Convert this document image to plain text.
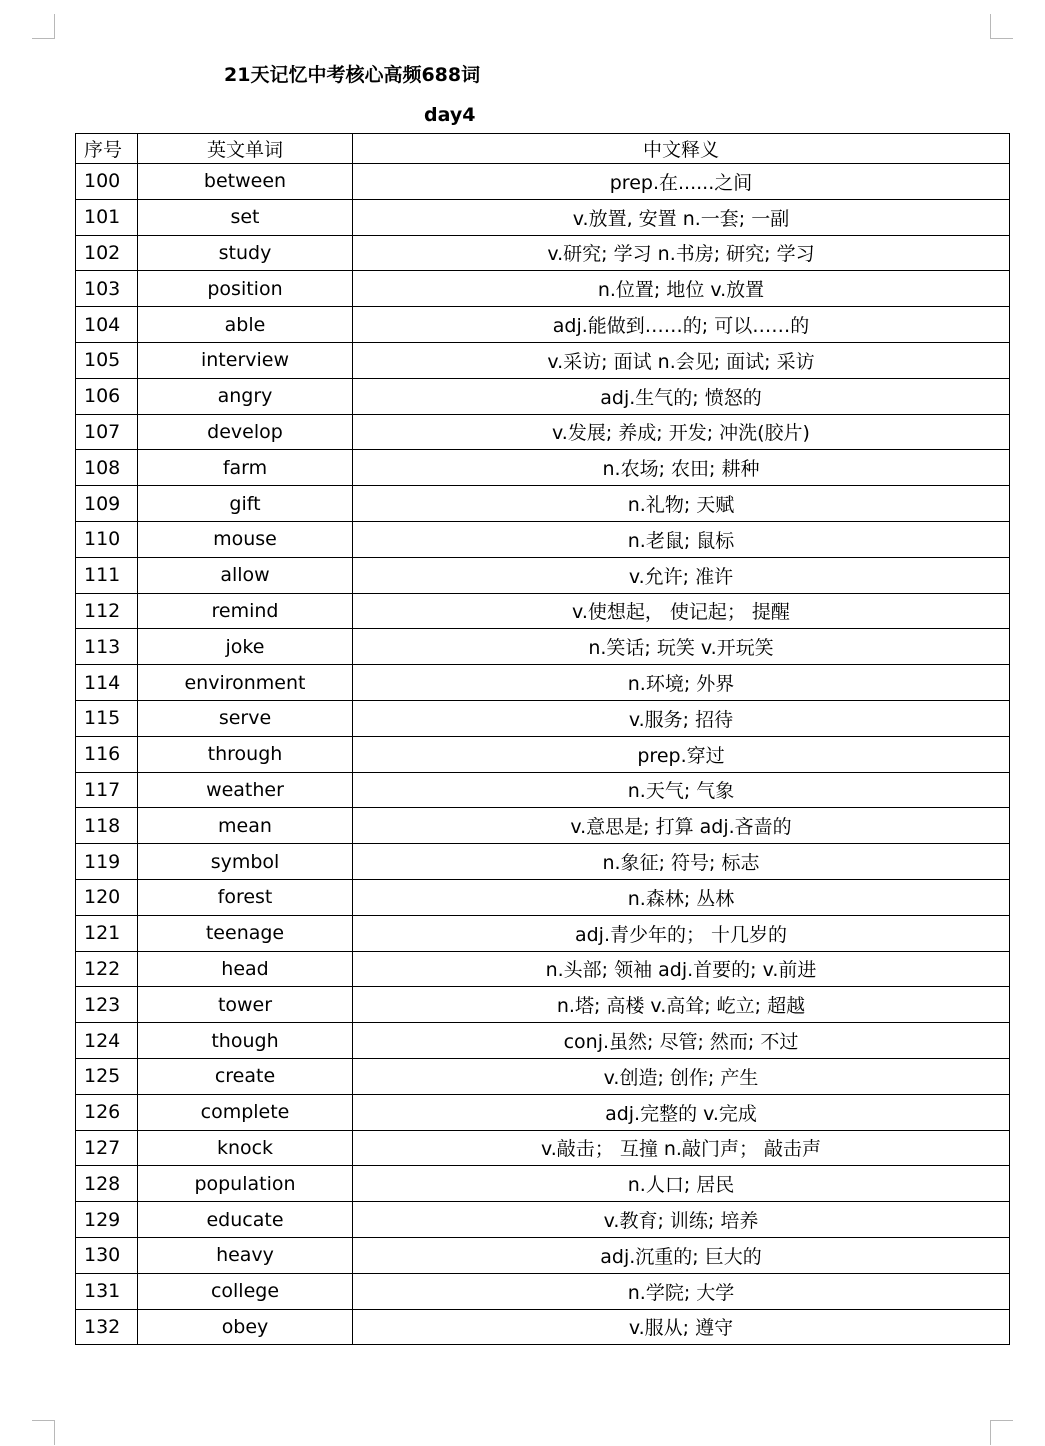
21天记忆中考核心高频688词
day4
序号	英文单词	中文释义
100	between	prep.在......之间
101	set	v.放置, 安置 n.一套; 一副
102	study	v.研究; 学习 n.书房; 研究; 学习
103	position	n.位置; 地位 v.放置
104	able	adj.能做到……的; 可以……的
105	interview	v.采访; 面试 n.会见; 面试; 采访
106	angry	adj.生气的; 愤怒的
107	develop	v.发展; 养成; 开发; 冲洗(胶片)
108	farm	n.农场; 农田; 耕种
109	gift	n.礼物; 天赋
110	mouse	n.老鼠; 鼠标
111	allow	v.允许; 准许
112	remind	v.使想起， 使记起； 提醒
113	joke	n.笑话; 玩笑 v.开玩笑
114	environment	n.环境; 外界
115	serve	v.服务; 招待
116	through	prep.穿过
117	weather	n.天气; 气象
118	mean	v.意思是; 打算 adj.吝啬的
119	symbol	n.象征; 符号; 标志
120	forest	n.森林; 丛林
121	teenage	adj.青少年的； 十几岁的
122	head	n.头部; 领袖 adj.首要的; v.前进
123	tower	n.塔; 高楼 v.高耸; 屹立; 超越
124	though	conj.虽然; 尽管; 然而; 不过
125	create	v.创造; 创作; 产生
126	complete	adj.完整的 v.完成
127	knock	v.敲击； 互撞 n.敲门声； 敲击声
128	population	n.人口; 居民
129	educate	v.教育; 训练; 培养
130	heavy	adj.沉重的; 巨大的
131	college	n.学院; 大学
132	obey	v.服从; 遵守
